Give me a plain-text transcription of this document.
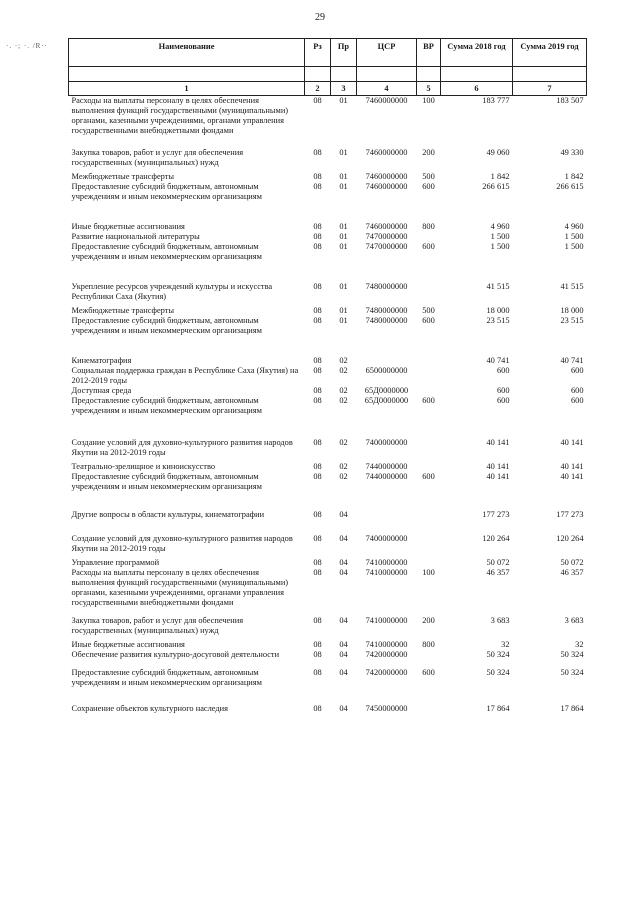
29
·. ·; ·. /R··	Наименование	Рз	Пр	ЦСР	ВР	Сумма 2018 год	Сумма 2019 год

1	2	3	4	5	6	7
Расходы на выплаты персоналу в целях обеспечения выполнения функций государственными (муниципальными) органами, казенными учреждениями, органами управления государственными внебюджетными фондами	08	01	7460000000	100	183 777	183 507
Закупка товаров, работ и услуг для обеспечения государственных (муниципальных) нужд	08	01	7460000000	200	49 060	49 330
Межбюджетные трансферты	08	01	7460000000	500	1 842	1 842
Предоставление субсидий бюджетным, автономным учреждениям и иным некоммерческим организациям	08	01	7460000000	600	266 615	266 615
Иные бюджетные ассигнования	08	01	7460000000	800	4 960	4 960
Развитие национальной литературы	08	01	7470000000		1 500	1 500
Предоставление субсидий бюджетным, автономным учреждениям и иным некоммерческим организациям	08	01	7470000000	600	1 500	1 500
Укрепление ресурсов учреждений культуры и искусства Республики Саха (Якутия)	08	01	7480000000		41 515	41 515
Межбюджетные трансферты	08	01	7480000000	500	18 000	18 000
Предоставление субсидий бюджетным, автономным учреждениям и иным некоммерческим организациям	08	01	7480000000	600	23 515	23 515
Кинематография	08	02			40 741	40 741
Социальная поддержка граждан в Республике Саха (Якутия) на 2012-2019 годы	08	02	6500000000		600	600
Доступная среда	08	02	65Д0000000		600	600
Предоставление субсидий бюджетным, автономным учреждениям и иным некоммерческим организациям	08	02	65Д0000000	600	600	600
Создание условий для духовно-культурного развития народов Якутии на 2012-2019 годы	08	02	7400000000		40 141	40 141
Театрально-зрелищное и киноискусство	08	02	7440000000		40 141	40 141
Предоставление субсидий бюджетным, автономным учреждениям и иным некоммерческим организациям	08	02	7440000000	600	40 141	40 141
Другие вопросы в области культуры, кинематографии	08	04			177 273	177 273
Создание условий для духовно-культурного развития народов Якутии на 2012-2019 годы	08	04	7400000000		120 264	120 264
Управление программой	08	04	7410000000		50 072	50 072
Расходы на выплаты персоналу в целях обеспечения выполнения функций государственными (муниципальными) органами, казенными учреждениями, органами управления государственными внебюджетными фондами	08	04	7410000000	100	46 357	46 357
Закупка товаров, работ и услуг для обеспечения государственных (муниципальных) нужд	08	04	7410000000	200	3 683	3 683
Иные бюджетные ассигнования	08	04	7410000000	800	32	32
Обеспечение развития культурно-досуговой деятельности	08	04	7420000000		50 324	50 324
Предоставление субсидий бюджетным, автономным учреждениям и иным некоммерческим организациям	08	04	7420000000	600	50 324	50 324
Сохранение объектов культурного наследия	08	04	7450000000		17 864	17 864
